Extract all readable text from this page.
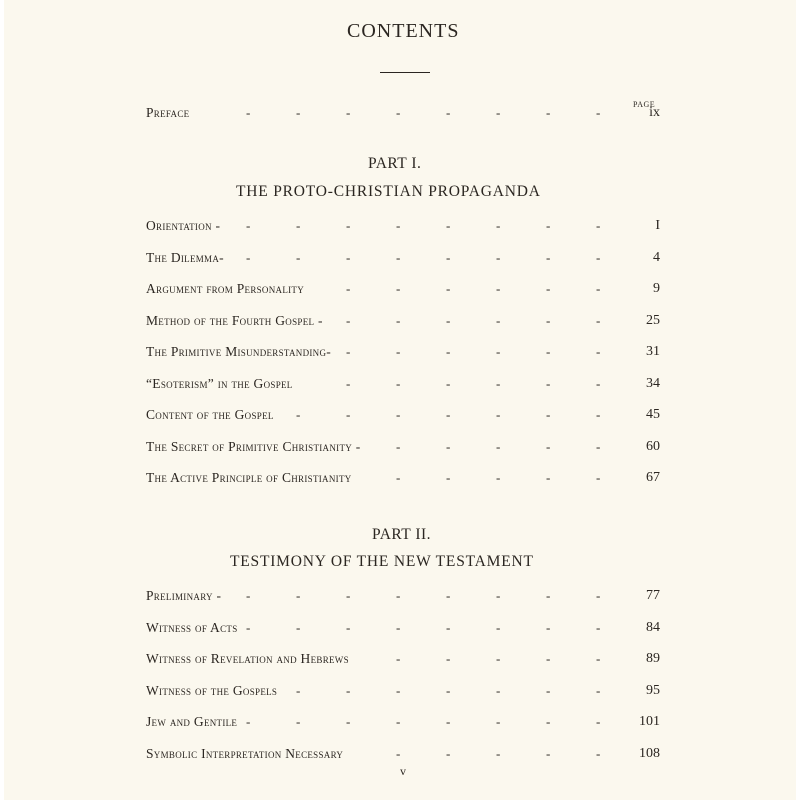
CONTENTS
PAGE
Preface	ix
-	-	-	-	-	-	-	-
PART I.
THE PROTO-CHRISTIAN PROPAGANDA
Orientation -	I
-	-	-	-	-	-	-	-
The Dilemma-	4
-	-	-	-	-	-	-	-
Argument from Personality	9
-	-	-	-	-	-
Method of the Fourth Gospel -	25
-	-	-	-	-	-
The Primitive Misunderstanding-	31
-	-	-	-	-	-
“Esoterism” in the Gospel	34
-	-	-	-	-	-
Content of the Gospel	45
-	-	-	-	-	-	-
The Secret of Primitive Christianity -	60
-	-	-	-	-
The Active Principle of Christianity	67
-	-	-	-	-
PART II.
TESTIMONY OF THE NEW TESTAMENT
Preliminary -	77
-	-	-	-	-	-	-	-
Witness of Acts	84
-	-	-	-	-	-	-	-
Witness of Revelation and Hebrews	89
-	-	-	-	-
Witness of the Gospels	95
-	-	-	-	-	-	-
Jew and Gentile	101
-	-	-	-	-	-	-	-
Symbolic Interpretation Necessary	108
-	-	-	-	-
v
